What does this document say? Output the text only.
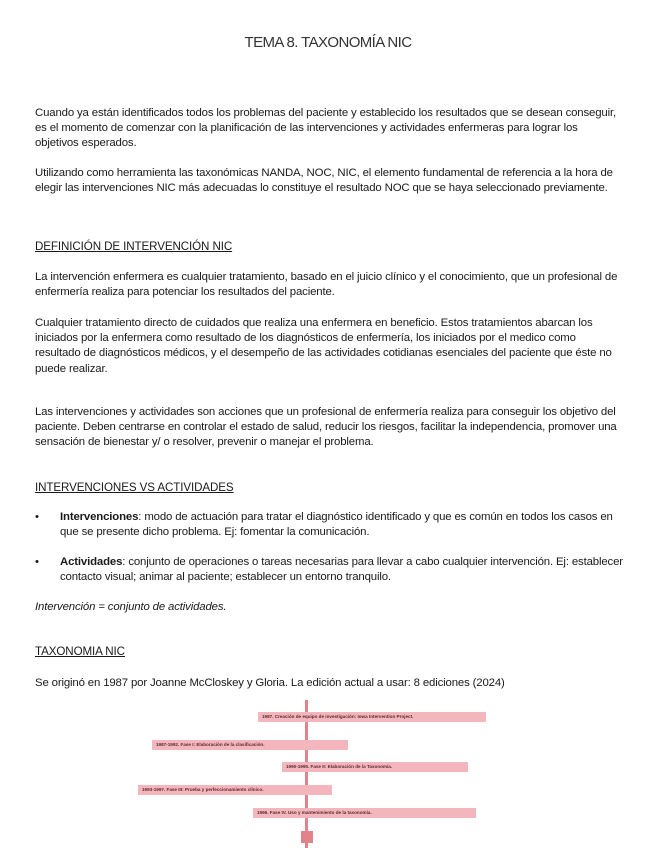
TEMA 8. TAXONOMÍA NIC

Cuando ya están identificados todos los problemas del paciente y establecido los resultados que se desean conseguir, es el momento de comenzar con la planificación de las intervenciones y actividades enfermeras para lograr los objetivos esperados.

Utilizando como herramienta las taxonómicas NANDA, NOC, NIC, el elemento fundamental de referencia a la hora de elegir las intervenciones NIC más adecuadas lo constituye el resultado NOC que se haya seleccionado previamente.

DEFINICIÓN DE INTERVENCIÓN NIC

La intervención enfermera es cualquier tratamiento, basado en el juicio clínico y el conocimiento, que un profesional de enfermería realiza para potenciar los resultados del paciente.

Cualquier tratamiento directo de cuidados que realiza una enfermera en beneficio. Estos tratamientos abarcan los iniciados por la enfermera como resultado de los diagnósticos de enfermería, los iniciados por el medico como resultado de diagnósticos médicos, y el desempeño de las actividades cotidianas esenciales del paciente que éste no puede realizar.

Las intervenciones y actividades son acciones que un profesional de enfermería realiza para conseguir los objetivo del paciente. Deben centrarse en controlar el estado de salud, reducir los riesgos, facilitar la independencia, promover una sensación de bienestar y/ o resolver, prevenir o manejar el problema.

INTERVENCIONES VS ACTIVIDADES

• Intervenciones: modo de actuación para tratar el diagnóstico identificado y que es común en todos los casos en que se presente dicho problema. Ej: fomentar la comunicación.
• Actividades: conjunto de operaciones o tareas necesarias para llevar a cabo cualquier intervención. Ej: establecer contacto visual; animar al paciente; establecer un entorno tranquilo.

Intervención = conjunto de actividades.

TAXONOMIA NIC

Se originó en 1987 por Joanne McCloskey y Gloria. La edición actual a usar: 8 ediciones (2024)

1987. Creación de equipo de investigación: Iowa Intervention Project.
1987-1992. Fase I: Elaboración de la clasificación.
1990-1995. Fase II: Elaboración de la Taxonomía.
1993-1997. Fase III: Prueba y perfeccionamiento clínico.
1996. Fase IV. Uso y mantenimiento de la taxonomía.
